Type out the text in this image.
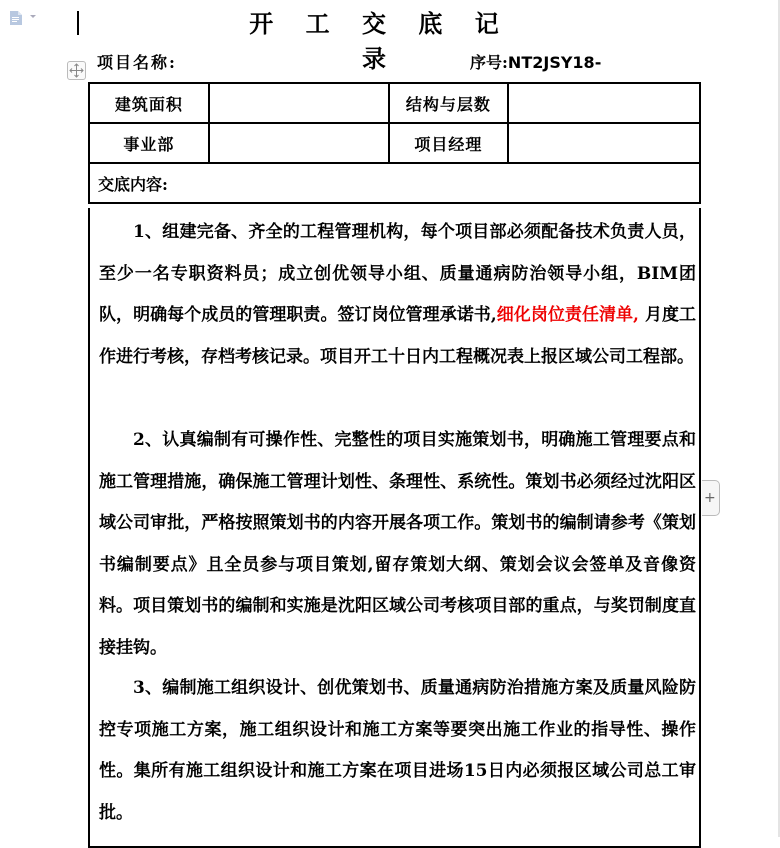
开 工 交 底 记 录
项目名称:	序号:NT2JSY18-
建筑面积		结构与层数	
事业部		项目经理	
交底内容:			
1、组建完备、齐全的工程管理机构，每个项目部必须配备技术负责人员，至少一名专职资料员；成立创优领导小组、质量通病防治领导小组，BIM团队，明确每个成员的管理职责。签订岗位管理承诺书,细化岗位责任清单, 月度工作进行考核，存档考核记录。项目开工十日内工程概况表上报区域公司工程部。
2、认真编制有可操作性、完整性的项目实施策划书，明确施工管理要点和施工管理措施，确保施工管理计划性、条理性、系统性。策划书必须经过沈阳区域公司审批，严格按照策划书的内容开展各项工作。策划书的编制请参考《策划书编制要点》且全员参与项目策划,留存策划大纲、策划会议会签单及音像资料。项目策划书的编制和实施是沈阳区域公司考核项目部的重点，与奖罚制度直接挂钩。
3、编制施工组织设计、创优策划书、质量通病防治措施方案及质量风险防控专项施工方案，施工组织设计和施工方案等要突出施工作业的指导性、操作性。集所有施工组织设计和施工方案在项目进场15日内必须报区域公司总工审批。
+
